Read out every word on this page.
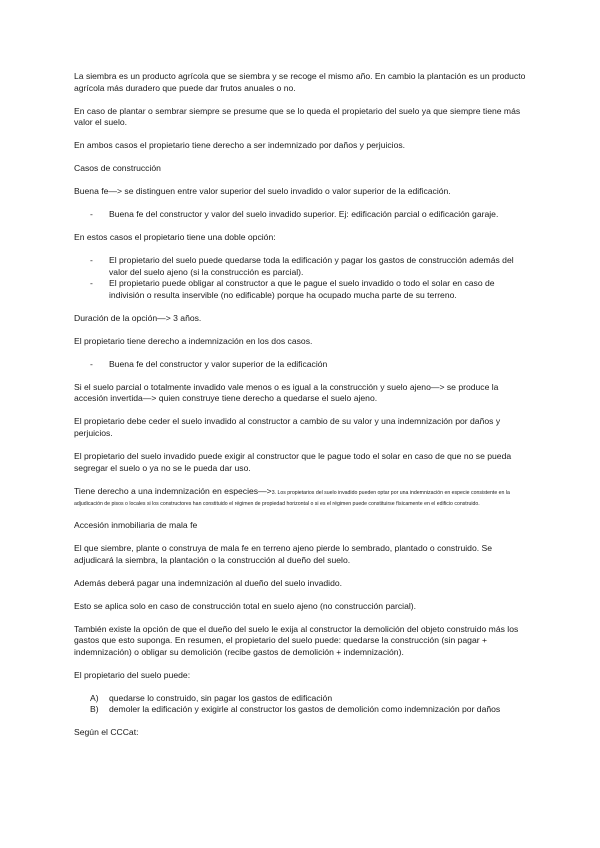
La siembra es un producto agrícola que se siembra y se recoge el mismo año. En cambio la plantación es un producto agrícola más duradero que puede dar frutos anuales o no.

En caso de plantar o sembrar siempre se presume que se lo queda el propietario del suelo ya que siempre tiene más valor el suelo.

En ambos casos el propietario tiene derecho a ser indemnizado por daños y perjuicios.

Casos de construcción

Buena fe—> se distinguen entre valor superior del suelo invadido o valor superior de la edificación.

-	Buena fe del constructor y valor del suelo invadido superior. Ej: edificación parcial o edificación garaje.

En estos casos el propietario tiene una doble opción:

-	El propietario del suelo puede quedarse toda la edificación y pagar los gastos de construcción además del valor del suelo ajeno (si la construcción es parcial).
-	El propietario puede obligar al constructor a que le pague el suelo invadido o todo el solar en caso de indivisión o resulta inservible (no edificable) porque ha ocupado mucha parte de su terreno.

Duración de la opción—> 3 años.

El propietario tiene derecho a indemnización en los dos casos.

-	Buena fe del constructor y valor superior de la edificación

Si el suelo parcial o totalmente invadido vale menos o es igual a la construcción y suelo ajeno—> se produce la accesión invertida—> quien construye tiene derecho a quedarse el suelo ajeno.

El propietario debe ceder el suelo invadido al constructor a cambio de su valor y una indemnización por daños y perjuicios.

El propietario del suelo invadido puede exigir al constructor que le pague todo el solar en caso de que no se pueda segregar el suelo o ya no se le pueda dar uso.

Tiene derecho a una indemnización en especies—>3. Los propietarios del suelo invadido pueden optar por una indemnización en especie consistente en la adjudicación de pisos o locales si los constructores han constituido el régimen de propiedad horizontal o si es el régimen puede constituirse físicamente en el edificio construido.

Accesión inmobiliaria de mala fe

El que siembre, plante o construya de mala fe en terreno ajeno pierde lo sembrado, plantado o construido. Se adjudicará la siembra, la plantación o la construcción al dueño del suelo.

Además deberá pagar una indemnización al dueño del suelo invadido.

Esto se aplica solo en caso de construcción total en suelo ajeno (no construcción parcial).

También existe la opción de que el dueño del suelo le exija al constructor la demolición del objeto construido más los gastos que esto suponga. En resumen, el propietario del suelo puede: quedarse la construcción (sin pagar + indemnización) o obligar su demolición (recibe gastos de demolición + indemnización).

El propietario del suelo puede:

A)	quedarse lo construido, sin pagar los gastos de edificación
B)	demoler la edificación y exigirle al constructor los gastos de demolición como indemnización por daños

Según el CCCat:
